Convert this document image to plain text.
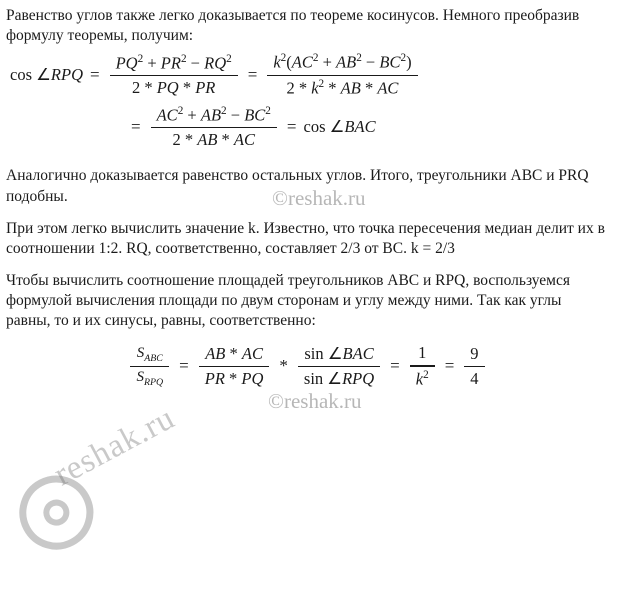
Равенство углов также легко доказывается по теореме косинусов. Немного преобразив формулу теоремы, получим:

cos ∠RPQ = $\frac{PQ^2 + PR^2 - RQ^2}{2 * PQ * PR} = \frac{k^2(AC^2 + AB^2 - BC^2)}{2 * k^2 * AB * AC}$
= $\frac{AC^2 + AB^2 - BC^2}{2 * AB * AC} = \cos$ ∠BAC

Аналогично доказывается равенство остальных углов. Итого, треугольники ABC и PRQ подобны.

При этом легко вычислить значение k. Известно, что точка пересечения медиан делит их в соотношении 1:2. RQ, соответственно, составляет 2/3 от BC. k = 2/3

Чтобы вычислить соотношение площадей треугольников ABC и RPQ, воспользуемся формулой вычисления площади по двум сторонам и углу между ними. Так как углы равны, то и их синусы, равны, соответственно:

$\frac{S_{ABC}}{S_{RPQ}} = \frac{AB * AC}{PR * PQ} * \frac{\text{sin ∠BAC}}{\text{sin ∠RPQ}} = \frac{1}{k^2} = \frac{9}{4}$
©reshak.ru
©reshak.ru
reshak.ru
